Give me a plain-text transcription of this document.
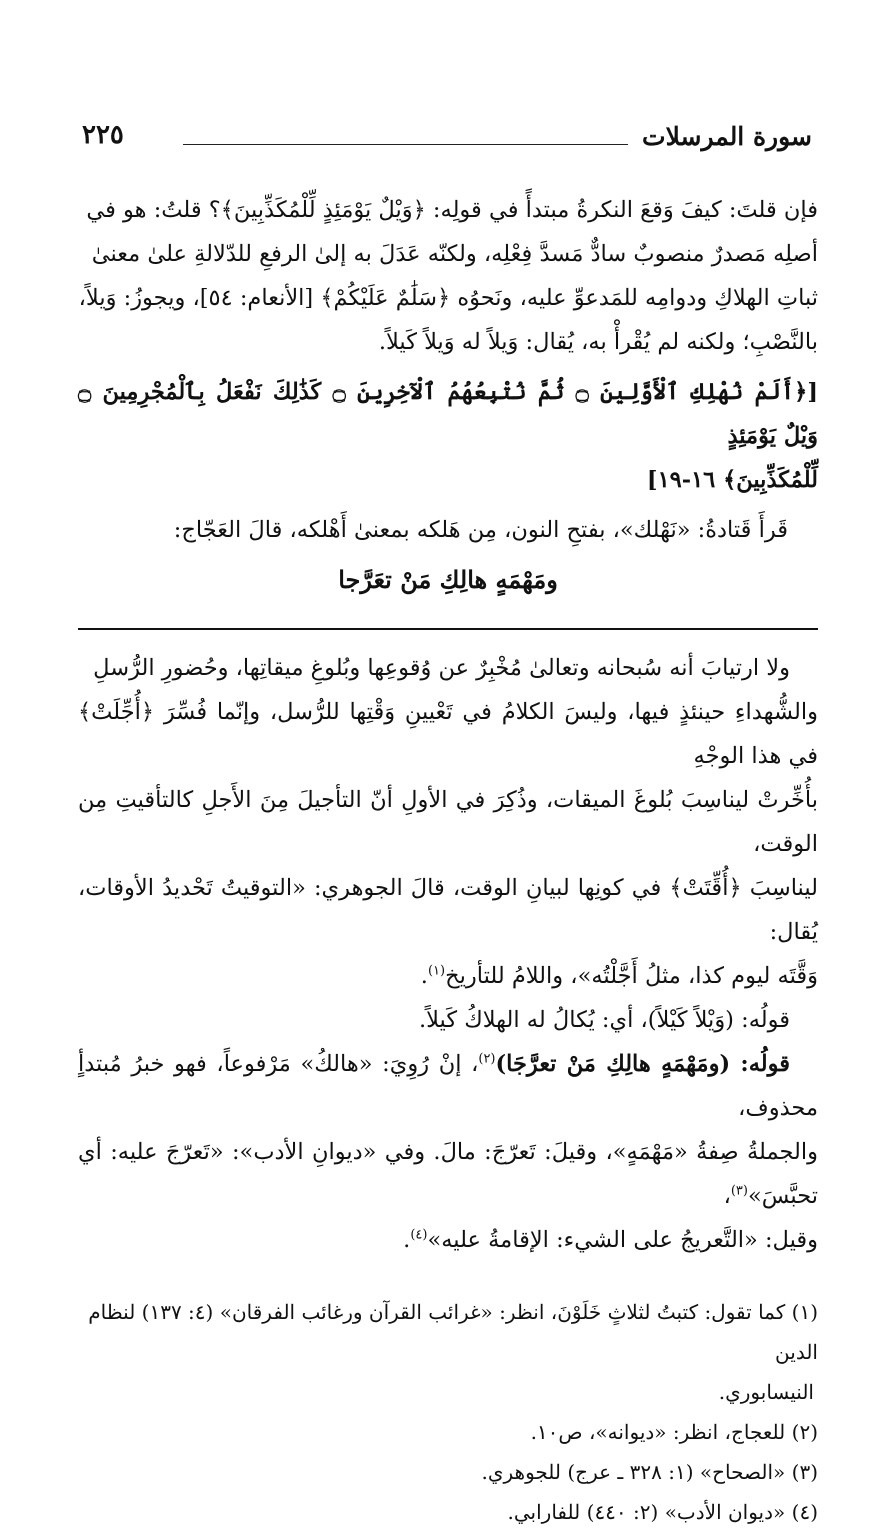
سورة المرسلات
٢٢٥

فإن قلتَ: كيفَ وَقعَ النكرةُ مبتدأً في قولِه: ﴿وَيْلٌ يَوْمَئِذٍ لِّلْمُكَذِّبِينَ﴾؟ قلتُ: هو في

أصلِه مَصدرٌ منصوبٌ سادٌّ مَسدَّ فِعْلِه، ولكنّه عَدَلَ به إلىٰ الرفعِ للدّلالةِ علىٰ معنىٰ

ثباتِ الهلاكِ ودوامِه للمَدعوِّ عليه، ونَحوُه ﴿سَلَٰمٌ عَلَيْكُمْ﴾ [الأنعام: ٥٤]، ويجوزُ: وَيلاً،

بالنَّصْبِ؛ ولكنه لم يُقْرأْ به، يُقال: وَيلاً له وَيلاً كَيلاً.

[﴿أَلَمْ نُهْلِكِ ٱلْأَوَّلِينَ ۝ ثُمَّ نُتْبِعُهُمُ ٱلْآخِرِينَ ۝ كَذَٰلِكَ نَفْعَلُ بِٱلْمُجْرِمِينَ ۝ وَيْلٌ يَوْمَئِذٍ

لِّلْمُكَذِّبِينَ﴾ ١٦-١٩]

قَرأَ قَتادةُ: «نَهْلك»، بفتحِ النون، مِن هَلكه بمعنىٰ أَهْلكه، قالَ العَجّاج:

ومَهْمَهٍ هالِكِ مَنْ تعَرَّجا

ولا ارتيابَ أنه سُبحانه وتعالىٰ مُخْبِرٌ عن وُقوعِها وبُلوغِ ميقاتِها، وحُضورِ الرُّسلِ

والشُّهداءِ حينئذٍ فيها، وليسَ الكلامُ في تَعْيينِ وَقْتِها للرُّسل، وإنّما فُسِّرَ ﴿أُجِّلَتْ﴾ في هذا الوجْهِ

بأُخِّرتْ ليناسِبَ بُلوغَ الميقات، وذُكِرَ في الأولِ أنّ التأجيلَ مِنَ الأَجلِ كالتأقيتِ مِن الوقت،

ليناسِبَ ﴿أُقِّتَتْ﴾ في كونِها لبيانِ الوقت، قالَ الجوهري: «التوقيتُ تَحْديدُ الأوقات، يُقال:

وَقَّتَه ليوم كذا، مثلُ أَجَّلْتُه»، واللامُ للتأريخ$^{(١)}$.

قولُه: (وَيْلاً كَيْلاً)، أي: يُكالُ له الهلاكُ كَيلاً.

قولُه: (ومَهْمَهٍ هالِكِ مَنْ تعرَّجَا)$^{(٢)}$، إنْ رُوِيَ: «هالكُ» مَرْفوعاً، فهو خبرُ مُبتدأٍ محذوف،

والجملةُ صِفةُ «مَهْمَهٍ»، وقيلَ: تَعرّجَ: مالَ. وفي «ديوانِ الأدب»: «تَعرّجَ عليه: أي تحبَّسَ»$^{(٣)}$،

وقيل: «التَّعريجُ على الشيء: الإقامةُ عليه»$^{(٤)}$.

(١) كما تقول: كتبتُ لثلاثٍ خَلَوْنَ، انظر: «غرائب القرآن ورغائب الفرقان» (٤: ١٣٧) لنظام الدين

النيسابوري.

(٢) للعجاج، انظر: «ديوانه»، ص١٠.

(٣) «الصحاح» (١: ٣٢٨ ـ عرج) للجوهري.

(٤) «ديوان الأدب» (٢: ٤٤٠) للفارابي.
